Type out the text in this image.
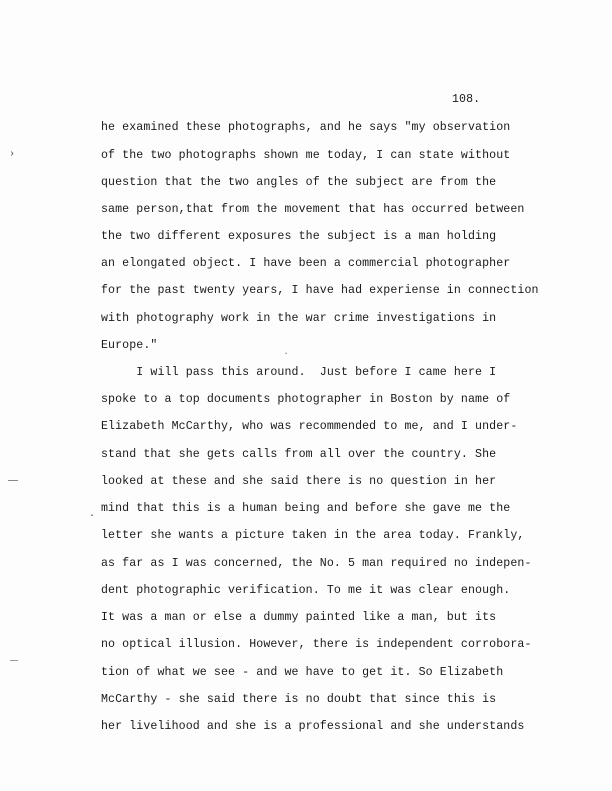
108.
he examined these photographs, and he says "my observation
of the two photographs shown me today, I can state without
question that the two angles of the subject are from the
same person,that from the movement that has occurred between
the two different exposures the subject is a man holding
an elongated object. I have been a commercial photographer
for the past twenty years, I have had experiense in connection
with photography work in the war crime investigations in
Europe."
I will pass this around.  Just before I came here I
spoke to a top documents photographer in Boston by name of
Elizabeth McCarthy, who was recommended to me, and I under-
stand that she gets calls from all over the country. She
looked at these and she said there is no question in her
mind that this is a human being and before she gave me the
letter she wants a picture taken in the area today. Frankly,
as far as I was concerned, the No. 5 man required no indepen-
dent photographic verification. To me it was clear enough.
It was a man or else a dummy painted like a man, but its
no optical illusion. However, there is independent corrobora-
tion of what we see - and we have to get it. So Elizabeth
McCarthy - she said there is no doubt that since this is
her livelihood and she is a professional and she understands
›
`
·
